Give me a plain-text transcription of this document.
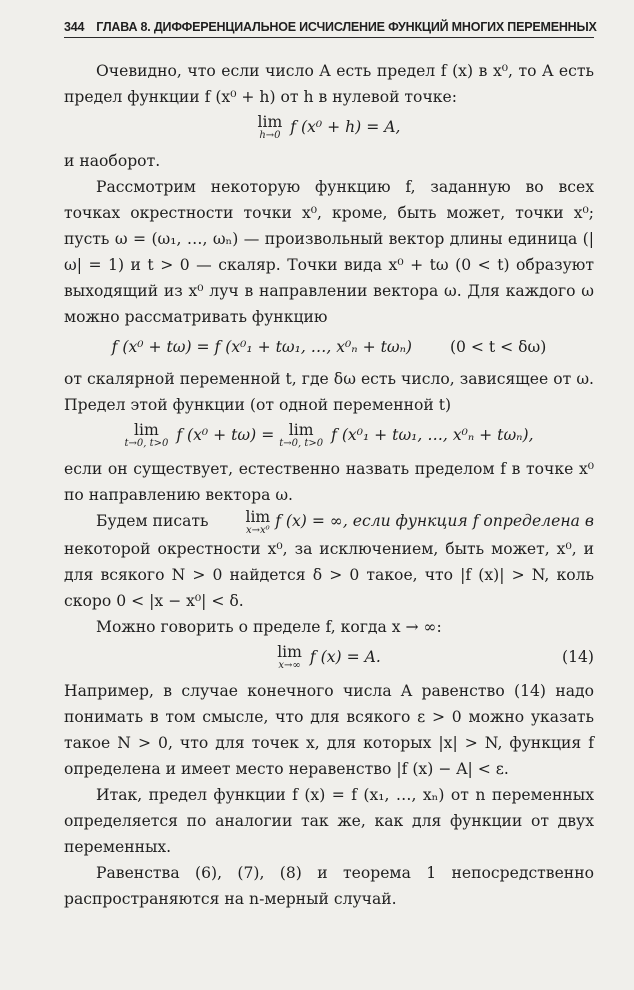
344 ГЛАВА 8. ДИФФЕРЕНЦИАЛЬНОЕ ИСЧИСЛЕНИЕ ФУНКЦИЙ МНОГИХ ПЕРЕМЕННЫХ

Очевидно, что если число A есть предел f (x) в x⁰, то A есть предел функции f (x⁰ + h) от h в нулевой точке:

lim
h→0 f (x⁰ + h) = A,

и наоборот.

Рассмотрим некоторую функцию f, заданную во всех точках окрестности точки x⁰, кроме, быть может, точки x⁰; пусть ω = (ω₁, …, ωₙ) — произвольный вектор длины единица (|ω| = 1) и t > 0 — скаляр. Точки вида x⁰ + tω (0 < t) образуют выходящий из x⁰ луч в направлении вектора ω. Для каждого ω можно рассматривать функцию

f (x⁰ + tω) = f (x⁰₁ + tω₁, …, x⁰ₙ + tωₙ) (0 < t < δω)

от скалярной переменной t, где δω есть число, зависящее от ω. Предел этой функции (от одной переменной t)

lim
t→0, t>0 f (x⁰ + tω) = lim
t→0, t>0 f (x⁰₁ + tω₁, …, x⁰ₙ + tωₙ),

если он существует, естественно назвать пределом f в точке x⁰ по направлению вектора ω.

Будем писать lim
x→x⁰
f (x) = ∞, если функция f определена в

некоторой окрестности x⁰, за исключением, быть может, x⁰, и для всякого N > 0 найдется δ > 0 такое, что |f (x)| > N, коль скоро 0 < |x − x⁰| < δ.

Можно говорить о пределе f, когда x → ∞:

lim
x→∞ f (x) = A.	(14)

Например, в случае конечного числа A равенство (14) надо понимать в том смысле, что для всякого ε > 0 можно указать такое N > 0, что для точек x, для которых |x| > N, функция f определена и имеет место неравенство |f (x) − A| < ε.

Итак, предел функции f (x) = f (x₁, …, xₙ) от n переменных определяется по аналогии так же, как для функции от двух переменных.

Равенства (6), (7), (8) и теорема 1 непосредственно распространяются на n-мерный случай.
